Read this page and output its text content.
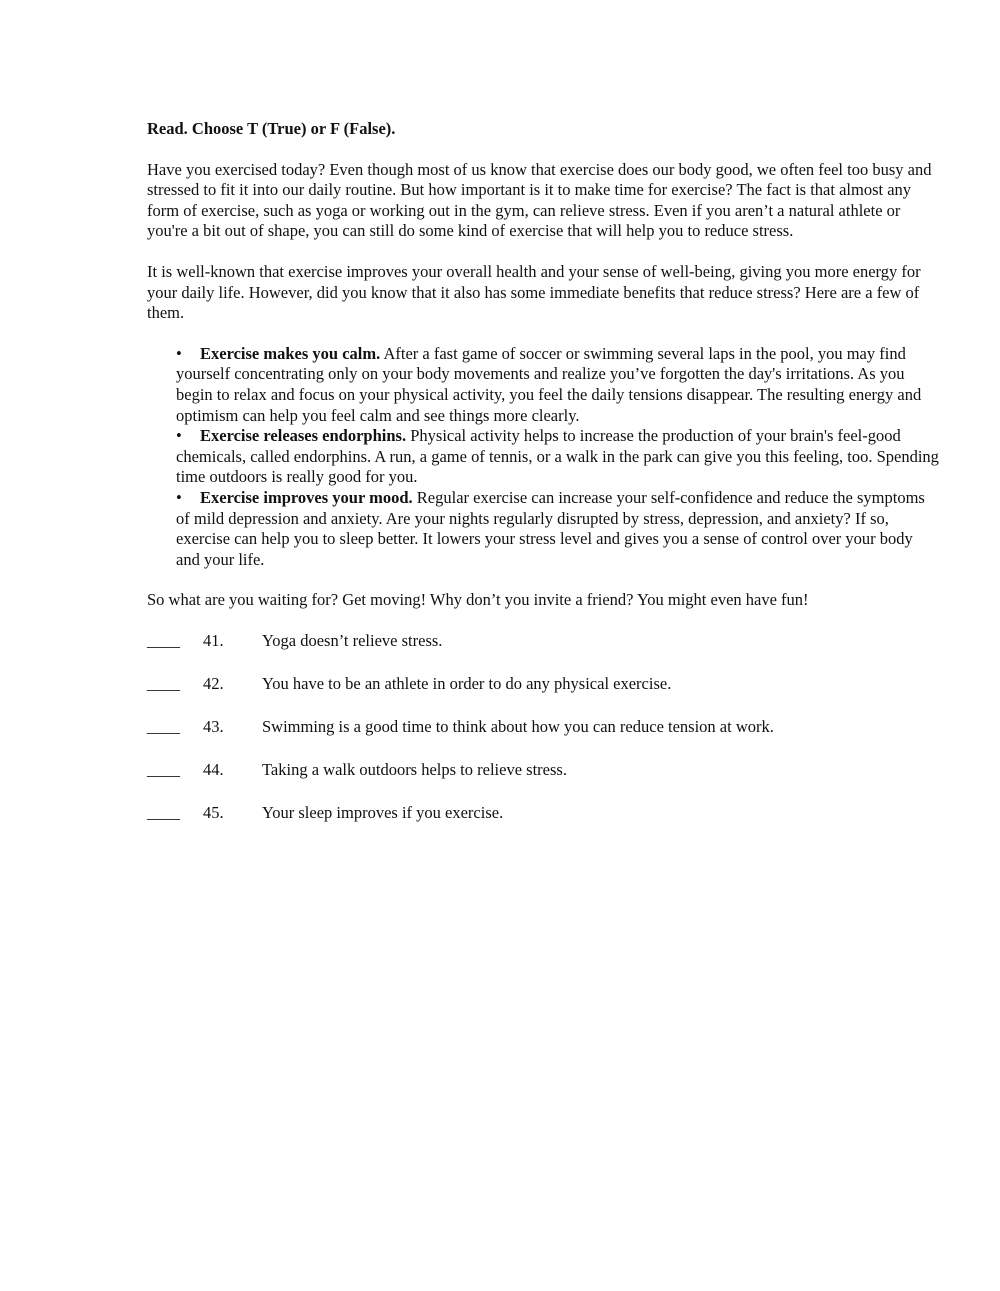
Read. Choose T (True) or F (False).

Have you exercised today? Even though most of us know that exercise does our body good, we often feel too busy and stressed to fit it into our daily routine. But how important is it to make time for exercise? The fact is that almost any form of exercise, such as yoga or working out in the gym, can relieve stress. Even if you aren’t a natural athlete or you're a bit out of shape, you can still do some kind of exercise that will help you to reduce stress.

It is well-known that exercise improves your overall health and your sense of well-being, giving you more energy for your daily life. However, did you know that it also has some immediate benefits that reduce stress? Here are a few of them.

• Exercise makes you calm. After a fast game of soccer or swimming several laps in the pool, you may find yourself concentrating only on your body movements and realize you’ve forgotten the day's irritations. As you begin to relax and focus on your physical activity, you feel the daily tensions disappear. The resulting energy and optimism can help you feel calm and see things more clearly.
• Exercise releases endorphins. Physical activity helps to increase the production of your brain's feel-good chemicals, called endorphins. A run, a game of tennis, or a walk in the park can give you this feeling, too. Spending time outdoors is really good for you.
• Exercise improves your mood. Regular exercise can increase your self-confidence and reduce the symptoms of mild depression and anxiety. Are your nights regularly disrupted by stress, depression, and anxiety? If so, exercise can help you to sleep better. It lowers your stress level and gives you a sense of control over your body and your life.

So what are you waiting for? Get moving! Why don’t you invite a friend? You might even have fun!

____ 41. Yoga doesn’t relieve stress.
____ 42. You have to be an athlete in order to do any physical exercise.
____ 43. Swimming is a good time to think about how you can reduce tension at work.
____ 44. Taking a walk outdoors helps to relieve stress.
____ 45. Your sleep improves if you exercise.
